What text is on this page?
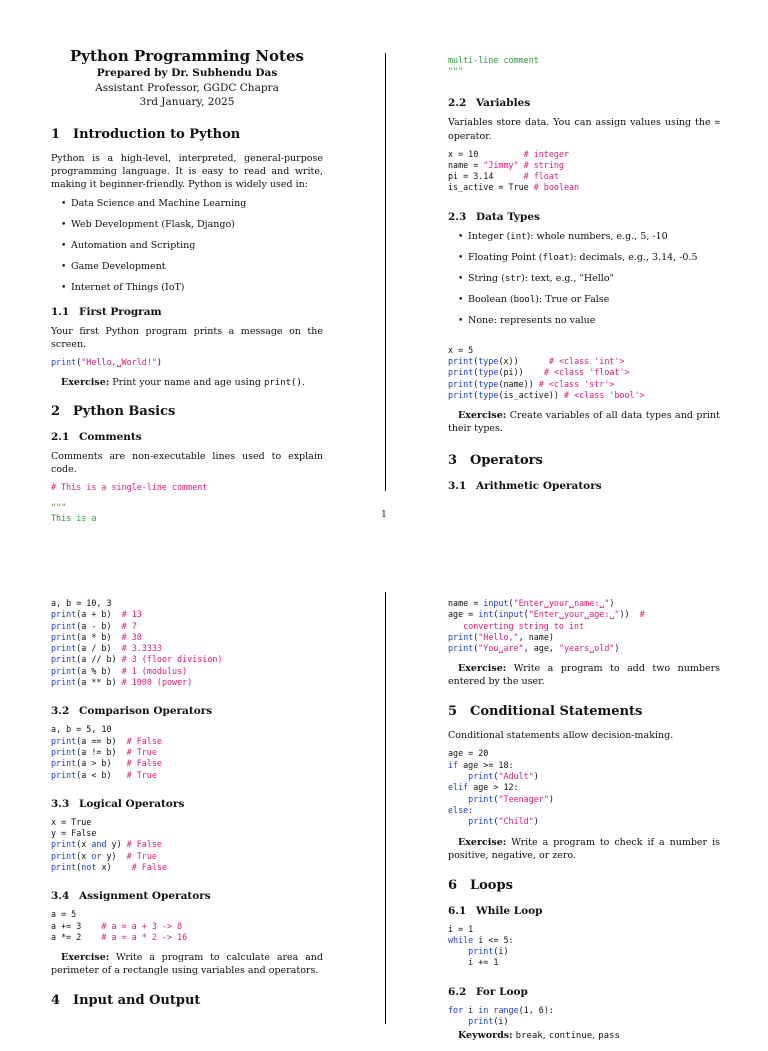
Python Programming Notes
Prepared by Dr. Subhendu Das
Assistant Professor, GGDC Chapra
3rd January, 2025
1 Introduction to Python

Python is a high-level, interpreted, general-purpose programming language. It is easy to read and write, making it beginner-friendly. Python is widely used in:

• Data Science and Machine Learning
• Web Development (Flask, Django)
• Automation and Scripting
• Game Development
• Internet of Things (IoT)
1.1 First Program

Your first Python program prints a message on the screen.

print("Hello,␣World!")

Exercise: Print your name and age using print().

2 Python Basics
2.1 Comments

Comments are non-executable lines used to explain code.

# This is a single-line comment
"""
This is a
multi-line comment
"""
2.2 Variables

Variables store data. You can assign values using the = operator.

x = 10         # integer
name = "Jimmy" # string
pi = 3.14      # float
is_active = True # boolean
2.3 Data Types
• Integer (int): whole numbers, e.g., 5, -10
• Floating Point (float): decimals, e.g., 3.14, -0.5
• String (str): text, e.g., "Hello"
• Boolean (bool): True or False
• None: represents no value
x = 5
print(type(x))      # <class 'int'>
print(type(pi))    # <class 'float'>
print(type(name)) # <class 'str'>
print(type(is_active)) # <class 'bool'>

Exercise: Create variables of all data types and print their types.

3 Operators
3.1 Arithmetic Operators
1
a, b = 10, 3
print(a + b)  # 13
print(a - b)  # 7
print(a * b)  # 30
print(a / b)  # 3.3333
print(a // b) # 3 (floor division)
print(a % b)  # 1 (modulus)
print(a ** b) # 1000 (power)
3.2 Comparison Operators
a, b = 5, 10
print(a == b)  # False
print(a != b)  # True
print(a > b)   # False
print(a < b)   # True
3.3 Logical Operators
x = True
y = False
print(x and y) # False
print(x or y)  # True
print(not x)    # False
3.4 Assignment Operators
a = 5
a += 3    # a = a + 3 -> 8
a *= 2    # a = a * 2 -> 16

Exercise: Write a program to calculate area and perimeter of a rectangle using variables and operators.

4 Input and Output
name = input("Enter␣your␣name:␣")
age = int(input("Enter␣your␣age:␣"))  #
converting string to int
print("Hello,", name)
print("You␣are", age, "years␣old")

Exercise: Write a program to add two numbers entered by the user.

5 Conditional Statements

Conditional statements allow decision-making.

age = 20
if age >= 18:
print("Adult")
elif age > 12:
print("Teenager")
else:
print("Child")

Exercise: Write a program to check if a number is positive, negative, or zero.

6 Loops
6.1 While Loop
i = 1
while i <= 5:
print(i)
i += 1
6.2 For Loop
for i in range(1, 6):
print(i)

Keywords: break, continue, pass
